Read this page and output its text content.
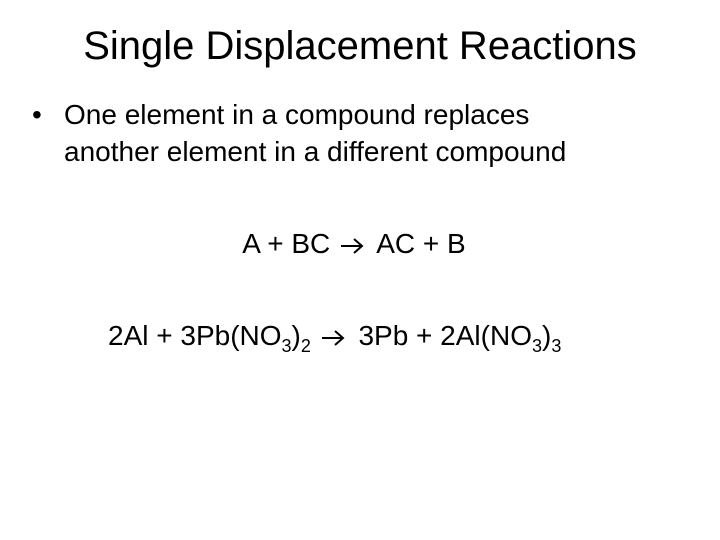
Single Displacement Reactions
• One element in a compound replaces
another element in a different compound
A + BC AC + B
$2Al + 3Pb(NO_3)_2$ $3Pb + 2Al(NO_3)_3$
